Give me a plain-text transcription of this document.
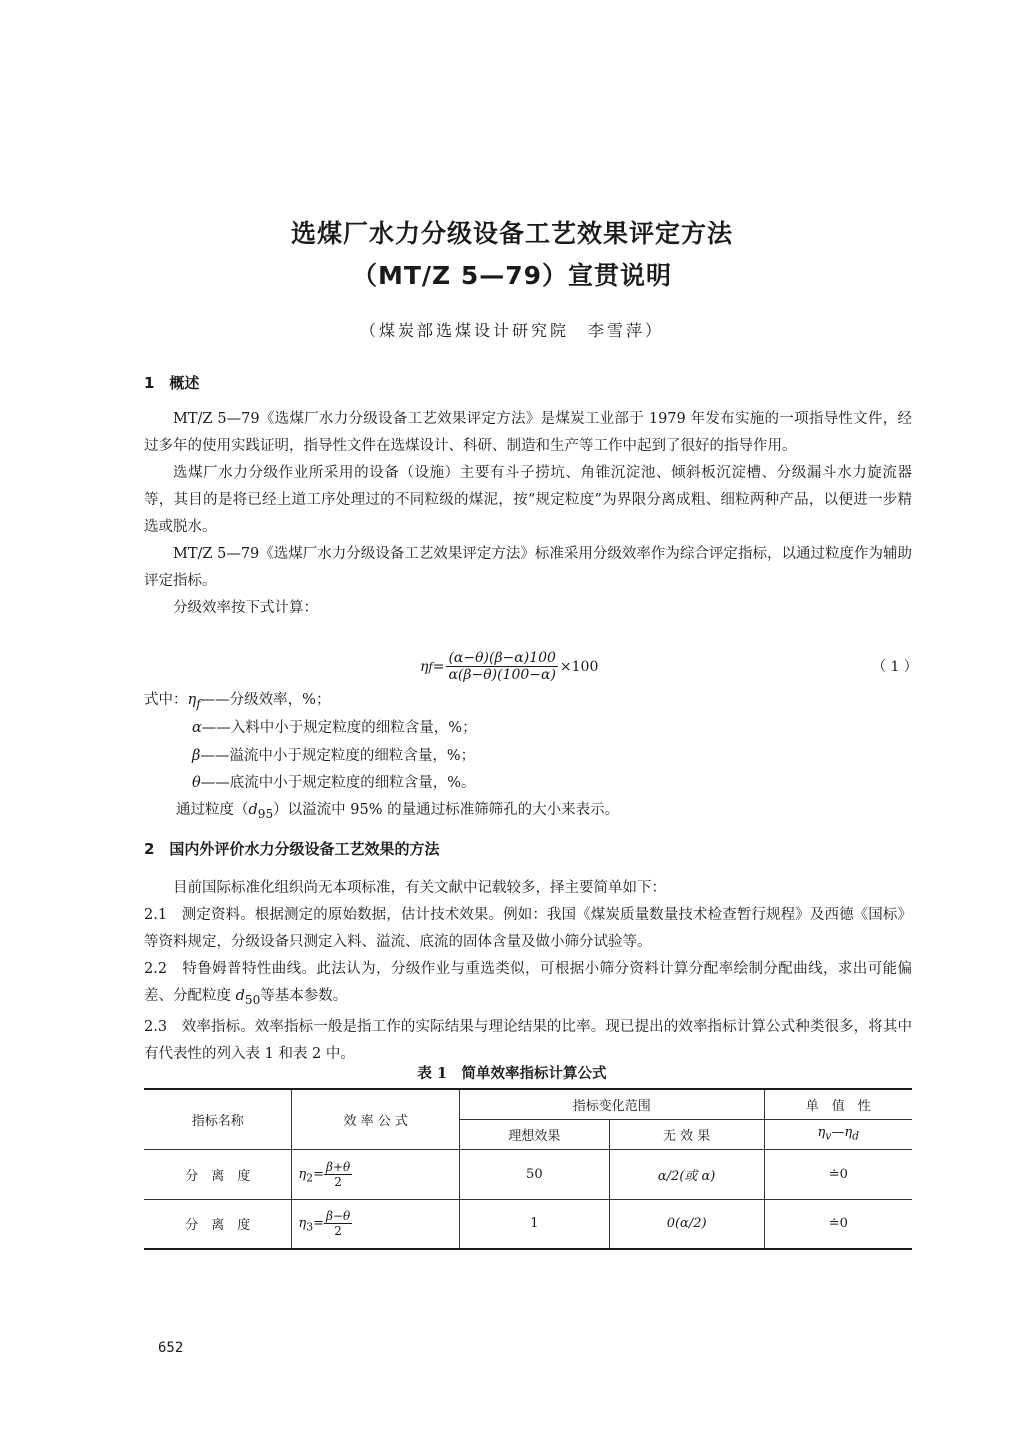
选煤厂水力分级设备工艺效果评定方法
（MT/Z 5—79）宣贯说明
（煤炭部选煤设计研究院　李雪萍）
1　概述

MT/Z 5—79《选煤厂水力分级设备工艺效果评定方法》是煤炭工业部于 1979 年发布实施的一项指导性文件，经过多年的使用实践证明，指导性文件在选煤设计、科研、制造和生产等工作中起到了很好的指导作用。

选煤厂水力分级作业所采用的设备（设施）主要有斗子捞坑、角锥沉淀池、倾斜板沉淀槽、分级漏斗水力旋流器等，其目的是将已经上道工序处理过的不同粒级的煤泥，按“规定粒度”为界限分离成粗、细粒两种产品，以便进一步精选或脱水。

MT/Z 5—79《选煤厂水力分级设备工艺效果评定方法》标准采用分级效率作为综合评定指标，以通过粒度作为辅助评定指标。

分级效率按下式计算：

η $f = \frac{(\alpha-\theta)(\beta-\alpha)100}{\alpha(\beta-\theta)(100-\alpha)} \times 100$	（ 1 ）
式中：$\eta_f——$分级效率，%；
α——入料中小于规定粒度的细粒含量，%；
β——溢流中小于规定粒度的细粒含量，%；
θ——底流中小于规定粒度的细粒含量，%。
通过粒度$(d_{95})$以溢流中 95% 的量通过标准筛筛孔的大小来表示。
2　国内外评价水力分级设备工艺效果的方法

目前国际标准化组织尚无本项标准，有关文献中记载较多，择主要简单如下：

2.1　测定资料。根据测定的原始数据，估计技术效果。例如：我国《煤炭质量数量技术检查暂行规程》及西德《国标》等资料规定，分级设备只测定入料、溢流、底流的固体含量及做小筛分试验等。

2.2　特鲁姆普特性曲线。此法认为，分级作业与重选类似，可根据小筛分资料计算分配率绘制分配曲线，求出可能偏差、分配粒度 $d_{50}$等基本参数。

2.3　效率指标。效率指标一般是指工作的实际结果与理论结果的比率。现已提出的效率指标计算公式种类很多，将其中有代表性的列入表 1 和表 2 中。

表 1　简单效率指标计算公式
指标名称	效 率 公 式	指标变化范围		单　值　性
		理想效果	无 效 果	$\eta_v—\eta_d$
分　离　度	$\eta_2= \frac{\beta+\theta}{2}$	50	α/2(或 α)	≐0
分　离　度	$\eta_3= \frac{\beta-\theta}{2}$	1	0(α/2)	≐0
652
